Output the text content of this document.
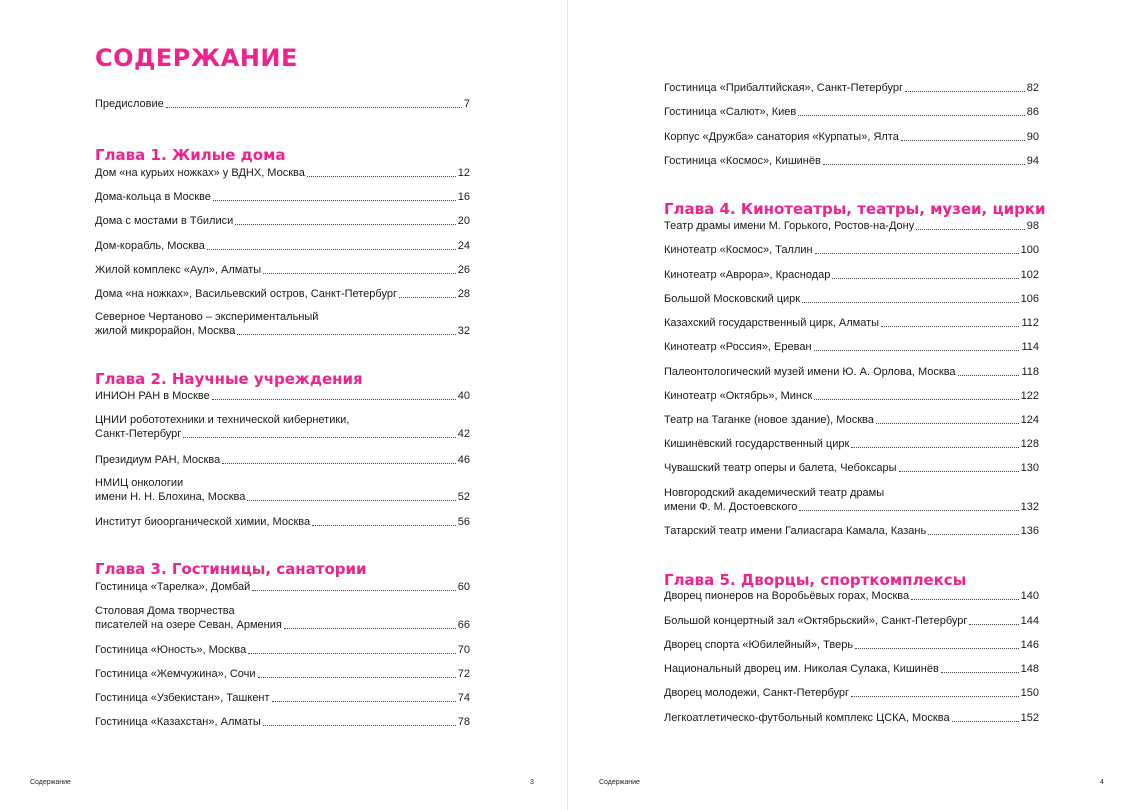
СОДЕРЖАНИЕ
Предисловие	7
Глава 1. Жилые дома
Дом «на курьих ножках» у ВДНХ, Москва	12
Дома-кольца в Москве	16
Дома с мостами в Тбилиси	20
Дом-корабль, Москва	24
Жилой комплекс «Аул», Алматы	26
Дома «на ножках», Васильевский остров, Санкт-Петербург	28
Северное Чертаново – экспериментальный
жилой микрорайон, Москва	32
Глава 2. Научные учреждения
ИНИОН РАН в Москве	40
ЦНИИ робототехники и технической кибернетики,
Санкт-Петербург	42
Президиум РАН, Москва	46
НМИЦ онкологии
имени Н. Н. Блохина, Москва	52
Институт биоорганической химии, Москва	56
Глава 3. Гостиницы, санатории
Гостиница «Тарелка», Домбай	60
Столовая Дома творчества
писателей на озере Севан, Армения	66
Гостиница «Юность», Москва	70
Гостиница «Жемчужина», Сочи	72
Гостиница «Узбекистан», Ташкент	74
Гостиница «Казахстан», Алматы	78
Содержание	3
Гостиница «Прибалтийская», Санкт-Петербург	82
Гостиница «Салют», Киев	86
Корпус «Дружба» санатория «Курпаты», Ялта	90
Гостиница «Космос», Кишинёв	94
Глава 4. Кинотеатры, театры, музеи, цирки
Театр драмы имени М. Горького, Ростов-на-Дону	98
Кинотеатр «Космос», Таллин	100
Кинотеатр «Аврора», Краснодар	102
Большой Московский цирк	106
Казахский государственный цирк, Алматы	112
Кинотеатр «Россия», Ереван	114
Палеонтологический музей имени Ю. А. Орлова, Москва	118
Кинотеатр «Октябрь», Минск	122
Театр на Таганке (новое здание), Москва	124
Кишинёвский государственный цирк	128
Чувашский театр оперы и балета, Чебоксары	130
Новгородский академический театр драмы
имени Ф. М. Достоевского	132
Татарский театр имени Галиасгара Камала, Казань	136
Глава 5. Дворцы, спорткомплексы
Дворец пионеров на Воробьёвых горах, Москва	140
Большой концертный зал «Октябрьский», Санкт-Петербург	144
Дворец спорта «Юбилейный», Тверь	146
Национальный дворец им. Николая Сулака, Кишинёв	148
Дворец молодежи, Санкт-Петербург	150
Легкоатлетическо-футбольный комплекс ЦСКА, Москва	152
Содержание	4
